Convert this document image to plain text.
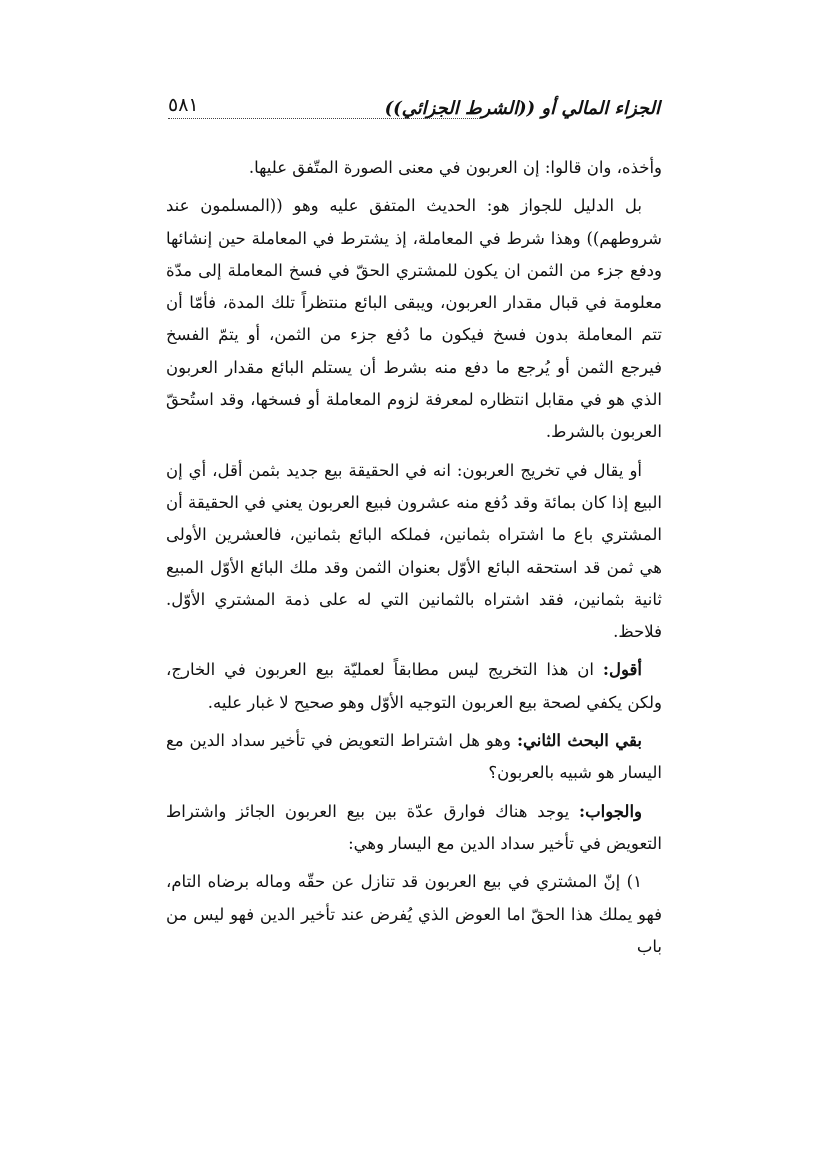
الجزاء المالي أو ((الشرط الجزائي))
٥٨١

وأخذه، وان قالوا: إن العربون في معنى الصورة المتّفق عليها.

بل الدليل للجواز هو: الحديث المتفق عليه وهو ((المسلمون عند شروطهم)) وهذا شرط في المعاملة، إذ يشترط في المعاملة حين إنشائها ودفع جزء من الثمن ان يكون للمشتري الحقّ في فسخ المعاملة إلى مدّة معلومة في قبال مقدار العربون، ويبقى البائع منتظراً تلك المدة، فأمّا أن تتم المعاملة بدون فسخ فيكون ما دُفع جزء من الثمن، أو يتمّ الفسخ فيرجع الثمن أو يُرجع ما دفع منه بشرط أن يستلم البائع مقدار العربون الذي هو في مقابل انتظاره لمعرفة لزوم المعاملة أو فسخها، وقد استُحقّ العربون بالشرط.

أو يقال في تخريج العربون: انه في الحقيقة بيع جديد بثمن أقل، أي إن البيع إذا كان بمائة وقد دُفع منه عشرون فبيع العربون يعني في الحقيقة أن المشتري باع ما اشتراه بثمانين، فملكه البائع بثمانين، فالعشرين الأولى هي ثمن قد استحقه البائع الأوّل بعنوان الثمن وقد ملك البائع الأوّل المبيع ثانية بثمانين، فقد اشتراه بالثمانين التي له على ذمة المشتري الأوّل. فلاحظ.

أقول: ان هذا التخريج ليس مطابقاً لعمليّة بيع العربون في الخارج، ولكن يكفي لصحة بيع العربون التوجيه الأوّل وهو صحيح لا غبار عليه.

بقي البحث الثاني: وهو هل اشتراط التعويض في تأخير سداد الدين مع اليسار هو شبيه بالعربون؟

والجواب: يوجد هناك فوارق عدّة بين بيع العربون الجائز واشتراط التعويض في تأخير سداد الدين مع اليسار وهي:

١) إنّ المشتري في بيع العربون قد تنازل عن حقّه وماله برضاه التام، فهو يملك هذا الحقّ اما العوض الذي يُفرض عند تأخير الدين فهو ليس من باب
